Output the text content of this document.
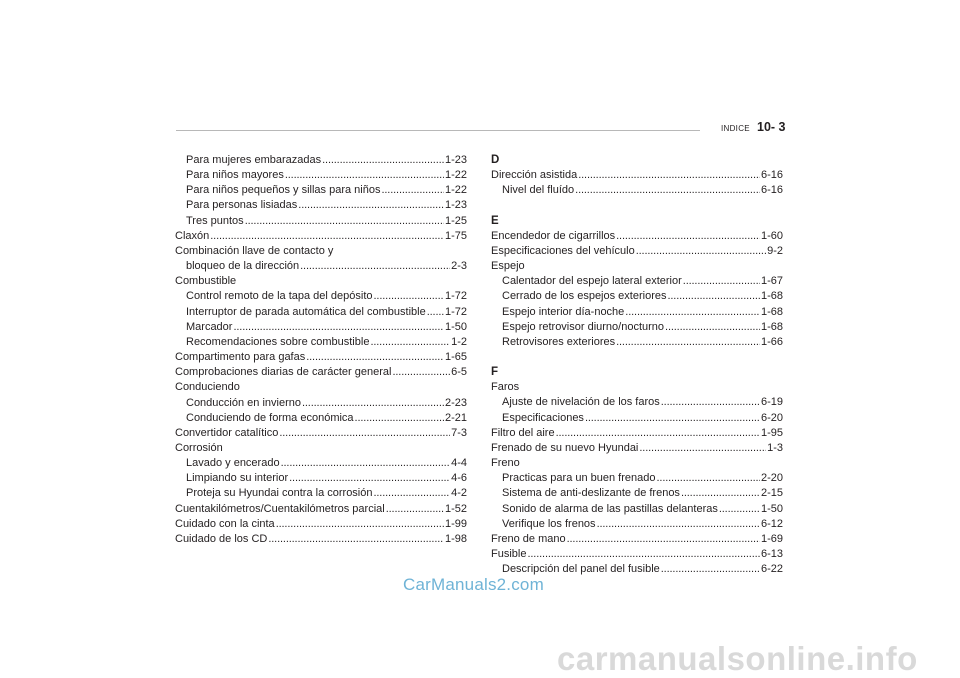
INDICE 10- 3
Para mujeres embarazadas . . .	1-23
Para niños mayores . . .	1-22
Para niños pequeños y sillas para niños . . .	1-22
Para personas lisiadas . . .	1-23
Tres puntos . . .	1-25
Claxón . . .	1-75
Combinación llave de contacto y
bloqueo de la dirección . . .	2-3
Combustible
Control remoto de la tapa del depósito . . .	1-72
Interruptor de parada automática del combustible . . . 1-72
Marcador . . .	1-50
Recomendaciones sobre combustible . . .	1-2
Compartimento para gafas . . .	1-65
Comprobaciones diarias de carácter general . . .	6-5
Conduciendo
Conducción en invierno . . .	2-23
Conduciendo de forma económica . . .	2-21
Convertidor catalítico . . .	7-3
Corrosión
Lavado y encerado . . .	4-4
Limpiando su interior . . .	4-6
Proteja su Hyundai contra la corrosión . . .	4-2
Cuentakilómetros/Cuentakilómetros parcial . . .	1-52
Cuidado con la cinta . . .	1-99
Cuidado de los CD . . .	1-98
D
Dirección asistida . . .	6-16
Nivel del fluído . . .	6-16
E
Encendedor de cigarrillos . . .	1-60
Especificaciones del vehículo . . .	9-2
Espejo
Calentador del espejo lateral exterior . . .	1-67
Cerrado de los espejos exteriores . . .	1-68
Espejo interior día-noche . . .	1-68
Espejo retrovisor diurno/nocturno . . .	1-68
Retrovisores exteriores . . .	1-66
F
Faros
Ajuste de nivelación de los faros . . .	6-19
Especificaciones . . .	6-20
Filtro del aire . . .	1-95
Frenado de su nuevo Hyundai . . .	1-3
Freno
Practicas para un buen frenado . . .	2-20
Sistema de anti-deslizante de frenos . . .	2-15
Sonido de alarma de las pastillas delanteras . . .	1-50
Verifique los frenos . . .	6-12
Freno de mano . . .	1-69
Fusible . . .	6-13
Descripción del panel del fusible . . .	6-22
CarManuals2.com
carmanualsonline.info
